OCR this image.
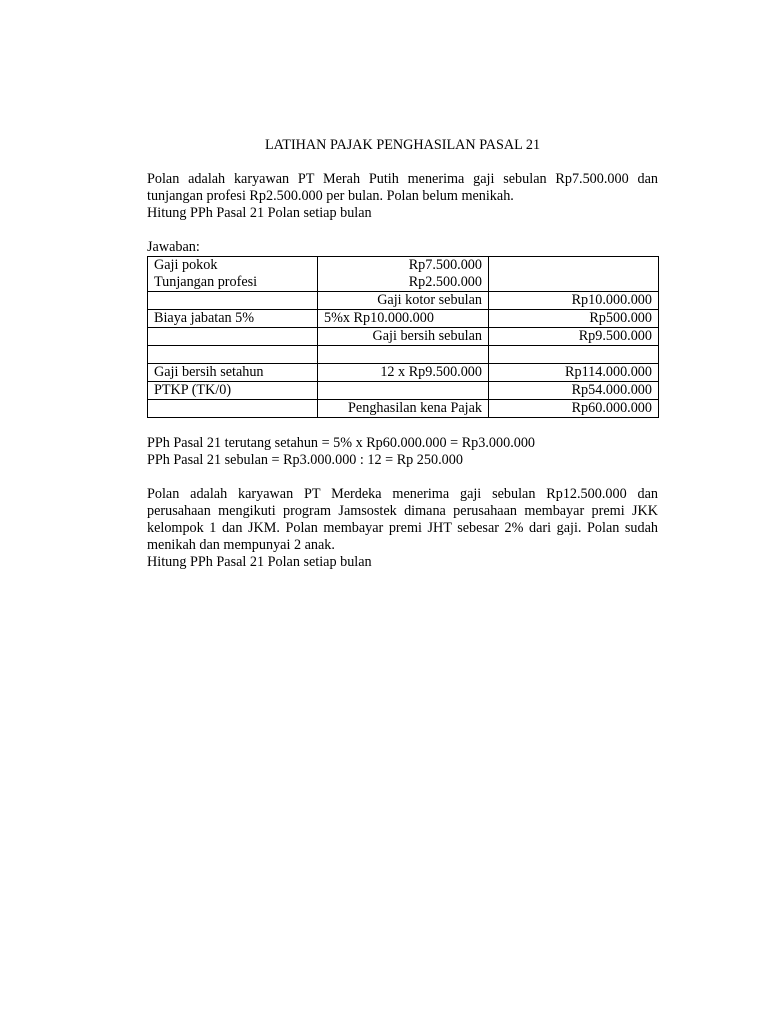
LATIHAN PAJAK PENGHASILAN PASAL 21

Polan adalah karyawan PT Merah Putih menerima gaji sebulan Rp7.500.000 dan tunjangan profesi Rp2.500.000 per bulan. Polan belum menikah.

Hitung PPh Pasal 21 Polan setiap bulan

Jawaban:

Gaji pokok	Rp7.500.000	
Tunjangan profesi	Rp2.500.000	
	Gaji kotor sebulan	Rp10.000.000
Biaya jabatan 5%	5%x Rp10.000.000	Rp500.000
	Gaji bersih sebulan	Rp9.500.000

Gaji bersih setahun	12 x Rp9.500.000	Rp114.000.000
PTKP (TK/0)		Rp54.000.000
	Penghasilan kena Pajak	Rp60.000.000

PPh Pasal 21 terutang setahun = 5% x Rp60.000.000 = Rp3.000.000

PPh Pasal 21 sebulan = Rp3.000.000 : 12 = Rp 250.000

Polan adalah karyawan PT Merdeka menerima gaji sebulan Rp12.500.000 dan perusahaan mengikuti program Jamsostek dimana perusahaan membayar premi JKK kelompok 1 dan JKM. Polan membayar premi JHT sebesar 2% dari gaji. Polan sudah menikah dan mempunyai 2 anak.

Hitung PPh Pasal 21 Polan setiap bulan
